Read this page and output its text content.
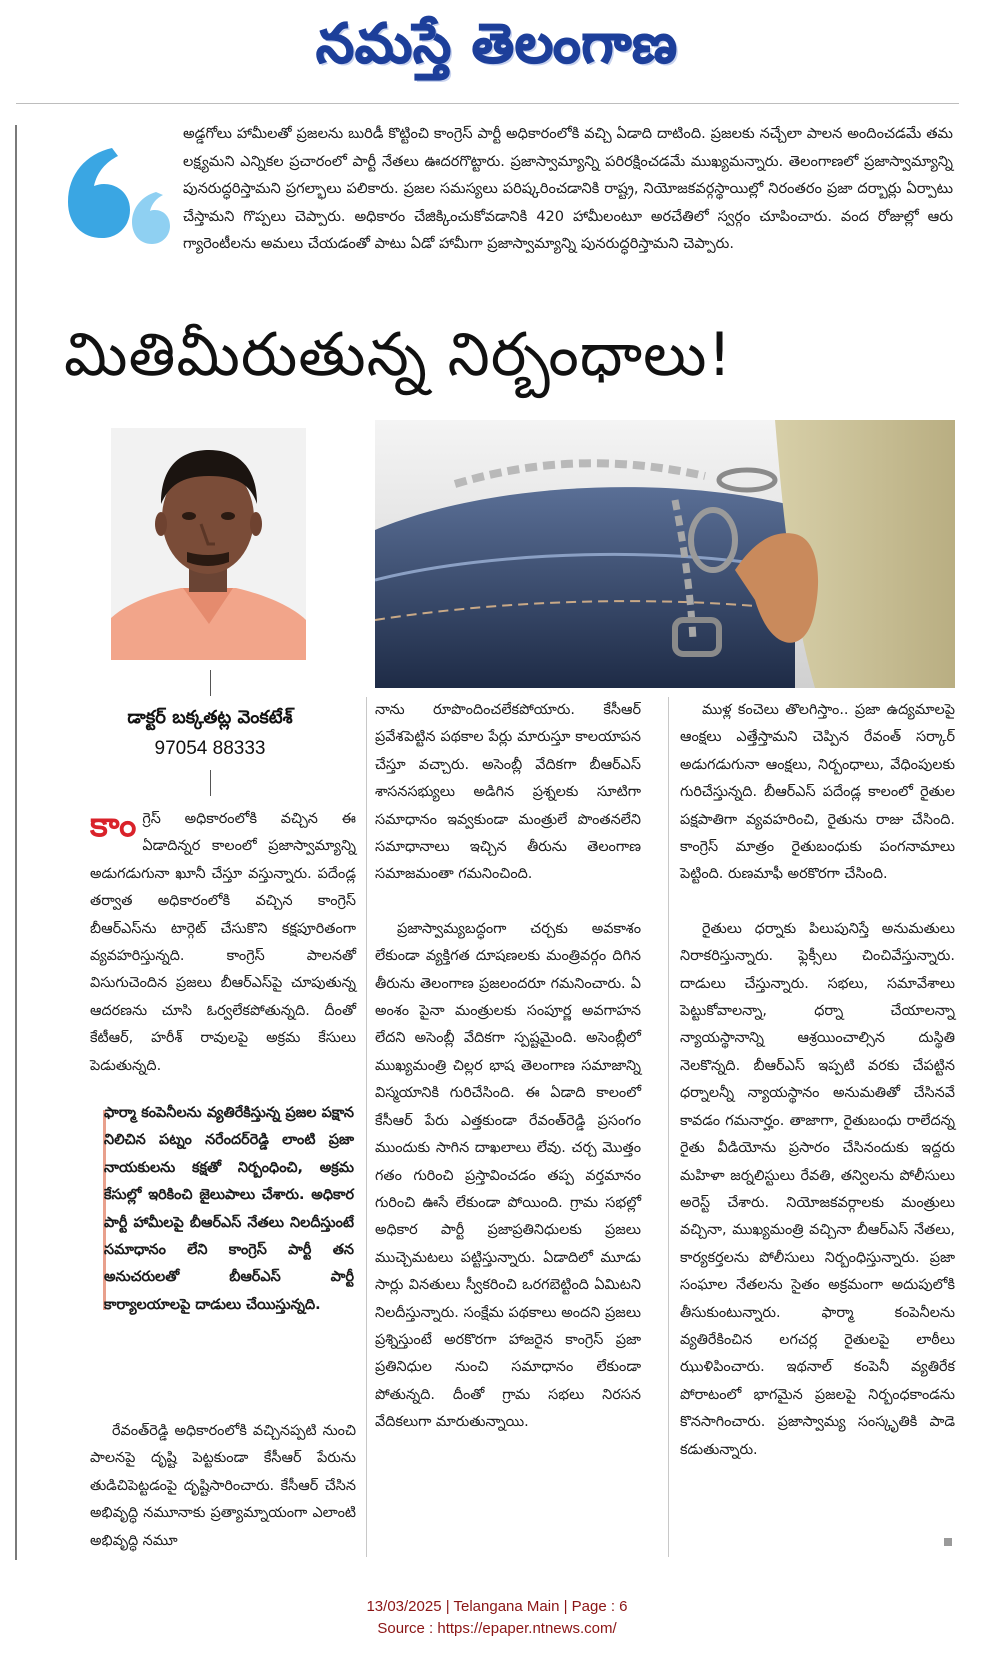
నమస్తే తెలంగాణ
అడ్డగోలు హామీలతో ప్రజలను బురిడీ కొట్టించి కాంగ్రెస్ పార్టీ అధికారంలోకి వచ్చి ఏడాది దాటింది. ప్రజలకు నచ్చేలా పాలన అందించడమే తమ లక్ష్యమని ఎన్నికల ప్రచారంలో పార్టీ నేతలు ఊదరగొట్టారు. ప్రజాస్వామ్యాన్ని పరిరక్షించడమే ముఖ్యమన్నారు. తెలంగాణలో ప్రజాస్వామ్యాన్ని పునరుద్ధరిస్తామని ప్రగల్భాలు పలికారు. ప్రజల సమస్యలు పరిష్కరించడానికి రాష్ట్ర, నియోజకవర్గస్థాయిల్లో నిరంతరం ప్రజా దర్బార్లు ఏర్పాటు చేస్తామని గొప్పలు చెప్పారు. అధికారం చేజిక్కించుకోవడానికి 420 హామీలంటూ అరచేతిలో స్వర్గం చూపించారు. వంద రోజుల్లో ఆరు గ్యారెంటీలను అమలు చేయడంతో పాటు ఏడో హామీగా ప్రజాస్వామ్యాన్ని పునరుద్ధరిస్తామని చెప్పారు.
మితిమీరుతున్న నిర్బంధాలు!
డాక్టర్ బక్కతట్ల వెంకటేశ్
97054 88333

కాంగ్రెస్ అధికారంలోకి వచ్చిన ఈ ఏడాదిన్నర కాలంలో ప్రజాస్వామ్యాన్ని అడుగడుగునా ఖూనీ చేస్తూ వస్తున్నారు. పదేండ్ల తర్వాత అధికారంలోకి వచ్చిన కాంగ్రెస్ బీఆర్‌ఎస్‌ను టార్గెట్ చేసుకొని కక్షపూరితంగా వ్యవహరిస్తున్నది. కాంగ్రెస్ పాలనతో విసుగుచెందిన ప్రజలు బీఆర్‌ఎస్‌పై చూపుతున్న ఆదరణను చూసి ఓర్వలేకపోతున్నది. దీంతో కేటీఆర్, హరీశ్ రావులపై అక్రమ కేసులు పెడుతున్నది.

ఫార్మా కంపెనీలను వ్యతిరేకిస్తున్న ప్రజల పక్షాన నిలిచిన పట్నం నరేందర్‌రెడ్డి లాంటి ప్రజా నాయకులను కక్షతో నిర్బంధించి, అక్రమ కేసుల్లో ఇరికించి జైలుపాలు చేశారు. అధికార పార్టీ హామీలపై బీఆర్‌ఎస్ నేతలు నిలదీస్తుంటే సమాధానం లేని కాంగ్రెస్ పార్టీ తన అనుచరులతో బీఆర్‌ఎస్ పార్టీ కార్యాలయాలపై దాడులు చేయిస్తున్నది.

రేవంత్‌రెడ్డి అధికారంలోకి వచ్చినప్పటి నుంచి పాలనపై దృష్టి పెట్టకుండా కేసీఆర్ పేరును తుడిచిపెట్టడంపై దృష్టిసారించారు. కేసీఆర్ చేసిన అభివృద్ధి నమూనాకు ప్రత్యామ్నాయంగా ఎలాంటి అభివృద్ధి నమూ

నాను రూపొందించలేకపోయారు. కేసీఆర్ ప్రవేశపెట్టిన పథకాల పేర్లు మారుస్తూ కాలయాపన చేస్తూ వచ్చారు. అసెంబ్లీ వేదికగా బీఆర్‌ఎస్ శాసనసభ్యులు అడిగిన ప్రశ్నలకు సూటిగా సమాధానం ఇవ్వకుండా మంత్రులే పొంతనలేని సమాధానాలు ఇచ్చిన తీరును తెలంగాణ సమాజమంతా గమనించింది.

ప్రజాస్వామ్యబద్ధంగా చర్చకు అవకాశం లేకుండా వ్యక్తిగత దూషణలకు మంత్రివర్గం దిగిన తీరును తెలంగాణ ప్రజలందరూ గమనించారు. ఏ అంశం పైనా మంత్రులకు సంపూర్ణ అవగాహన లేదని అసెంబ్లీ వేదికగా స్పష్టమైంది. అసెంబ్లీలో ముఖ్యమంత్రి చిల్లర భాష తెలంగాణ సమాజాన్ని విస్మయానికి గురిచేసింది. ఈ ఏడాది కాలంలో కేసీఆర్ పేరు ఎత్తకుండా రేవంత్‌రెడ్డి ప్రసంగం ముందుకు సాగిన దాఖలాలు లేవు. చర్చ మొత్తం గతం గురించి ప్రస్తావించడం తప్ప వర్తమానం గురించి ఊసే లేకుండా పోయింది. గ్రామ సభల్లో అధికార పార్టీ ప్రజాప్రతినిధులకు ప్రజలు ముచ్చెమటలు పట్టిస్తున్నారు. ఏడాదిలో మూడు సార్లు వినతులు స్వీకరించి ఒరగబెట్టింది ఏమిటని నిలదీస్తున్నారు. సంక్షేమ పథకాలు అందని ప్రజలు ప్రశ్నిస్తుంటే అరకొరగా హాజరైన కాంగ్రెస్ ప్రజా ప్రతినిధుల నుంచి సమాధానం లేకుండా పోతున్నది. దీంతో గ్రామ సభలు నిరసన వేదికలుగా మారుతున్నాయి.

ముళ్ల కంచెలు తొలగిస్తాం.. ప్రజా ఉద్యమాలపై ఆంక్షలు ఎత్తేస్తామని చెప్పిన రేవంత్ సర్కార్ అడుగడుగునా ఆంక్షలు, నిర్బంధాలు, వేధింపులకు గురిచేస్తున్నది. బీఆర్‌ఎస్ పదేండ్ల కాలంలో రైతుల పక్షపాతిగా వ్యవహరించి, రైతును రాజు చేసింది. కాంగ్రెస్ మాత్రం రైతుబంధుకు పంగనామాలు పెట్టింది. రుణమాఫీ అరకొరగా చేసింది.

రైతులు ధర్నాకు పిలుపునిస్తే అనుమతులు నిరాకరిస్తున్నారు. ఫ్లెక్సీలు చించివేస్తున్నారు. దాడులు చేస్తున్నారు. సభలు, సమావేశాలు పెట్టుకోవాలన్నా, ధర్నా చేయాలన్నా న్యాయస్థానాన్ని ఆశ్రయించాల్సిన దుస్థితి నెలకొన్నది. బీఆర్‌ఎస్ ఇప్పటి వరకు చేపట్టిన ధర్నాలన్నీ న్యాయస్థానం అనుమతితో చేసినవే కావడం గమనార్హం. తాజాగా, రైతుబంధు రాలేదన్న రైతు వీడియోను ప్రసారం చేసినందుకు ఇద్దరు మహిళా జర్నలిస్టులు రేవతి, తన్విలను పోలీసులు అరెస్ట్ చేశారు. నియోజకవర్గాలకు మంత్రులు వచ్చినా, ముఖ్యమంత్రి వచ్చినా బీఆర్‌ఎస్ నేతలు, కార్యకర్తలను పోలీసులు నిర్బంధిస్తున్నారు. ప్రజా సంఘాల నేతలను సైతం అక్రమంగా అదుపులోకి తీసుకుంటున్నారు. ఫార్మా కంపెనీలను వ్యతిరేకించిన లగచర్ల రైతులపై లాఠీలు ఝుళిపించారు. ఇథనాల్ కంపెనీ వ్యతిరేక పోరాటంలో భాగమైన ప్రజలపై నిర్బంధకాండను కొనసాగించారు. ప్రజాస్వామ్య సంస్కృతికి పాడె కడుతున్నారు.

13/03/2025 | Telangana Main | Page : 6
Source : https://epaper.ntnews.com/
